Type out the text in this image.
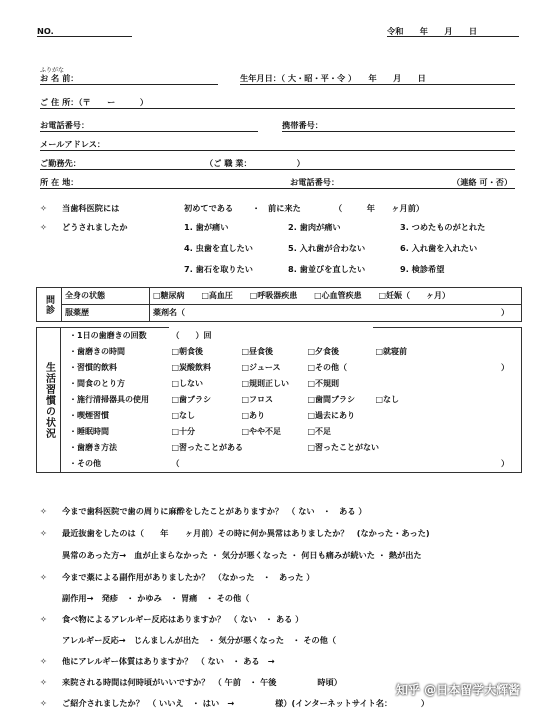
NO.	令和　　年　　月　　日
ふりがな
お 名 前：	生年月日：（ 大・昭・平・令 ）　　年　　月　　日
ご 住 所：（〒　　ー　　　）
お電話番号：	携帯番号：
メールアドレス：
ご勤務先：	（ご 職 業：　　　　　　）
所 在 地：	お電話番号：	（連絡 可・否）
✧ 当歯科医院には	初めてである ・ 前に来た	（　　　年　　ヶ月前）
✧ どうされましたか	1. 歯が痛い	2. 歯肉が痛い	3. つめたものがとれた
4. 虫歯を直したい	5. 入れ歯が合わない	6. 入れ歯を入れたい
7. 歯石を取りたい	8. 歯並びを直したい	9. 検診希望
問診	全身の状態	□糖尿病 □高血圧 □呼吸器疾患 □心血管疾患 □妊娠（　　ヶ月）
	服薬歴	薬剤名（ ）

生活習慣の状況	・1日の歯磨きの回数	（　　）回			
	・歯磨きの時間	□朝食後	□昼食後	□夕食後	□就寝前
	・習慣的飲料	□炭酸飲料	□ジュース	□その他（	）
	・間食のとり方	□しない	□規則正しい	□不規則	
	・施行清掃器具の使用	□歯ブラシ	□フロス	□歯間ブラシ	□なし
	・喫煙習慣	□なし	□あり	□過去にあり	
	・睡眠時間	□十分	□やや不足	□不足	
	・歯磨き方法	□習ったことがある		□習ったことがない	
	・その他	（			）
✧ 今まで歯科医院で歯の周りに麻酔をしたことがありますか？　（ ない　・　ある ）
✧ 最近抜歯をしたのは（　　年　　ヶ月前）その時に何か異常はありましたか？　(なかった・あった)
異常のあった方→　血が止まらなかった ・ 気分が悪くなった ・ 何日も痛みが続いた ・ 熱が出た
✧ 今まで薬による副作用がありましたか？　（なかった　・　あった ）
副作用→　発疹　・ かゆみ　・ 胃痛　・ その他（
✧ 食べ物によるアレルギー反応はありますか？　（ ない　・ ある ）
アレルギー反応→　じんましんが出た　・ 気分が悪くなった　・ その他（
✧ 他にアレルギー体質はありますか？　（ ない　・ ある　→
✧ 来院される時間は何時頃がいいですか？　（ 午前　・ 午後　　　　　時頃）
✧ ご紹介されましたか？　（ いいえ　・ はい　→　　　　　様）(インターネットサイト名：　　　　）
知乎 @日本留学大辉酱
